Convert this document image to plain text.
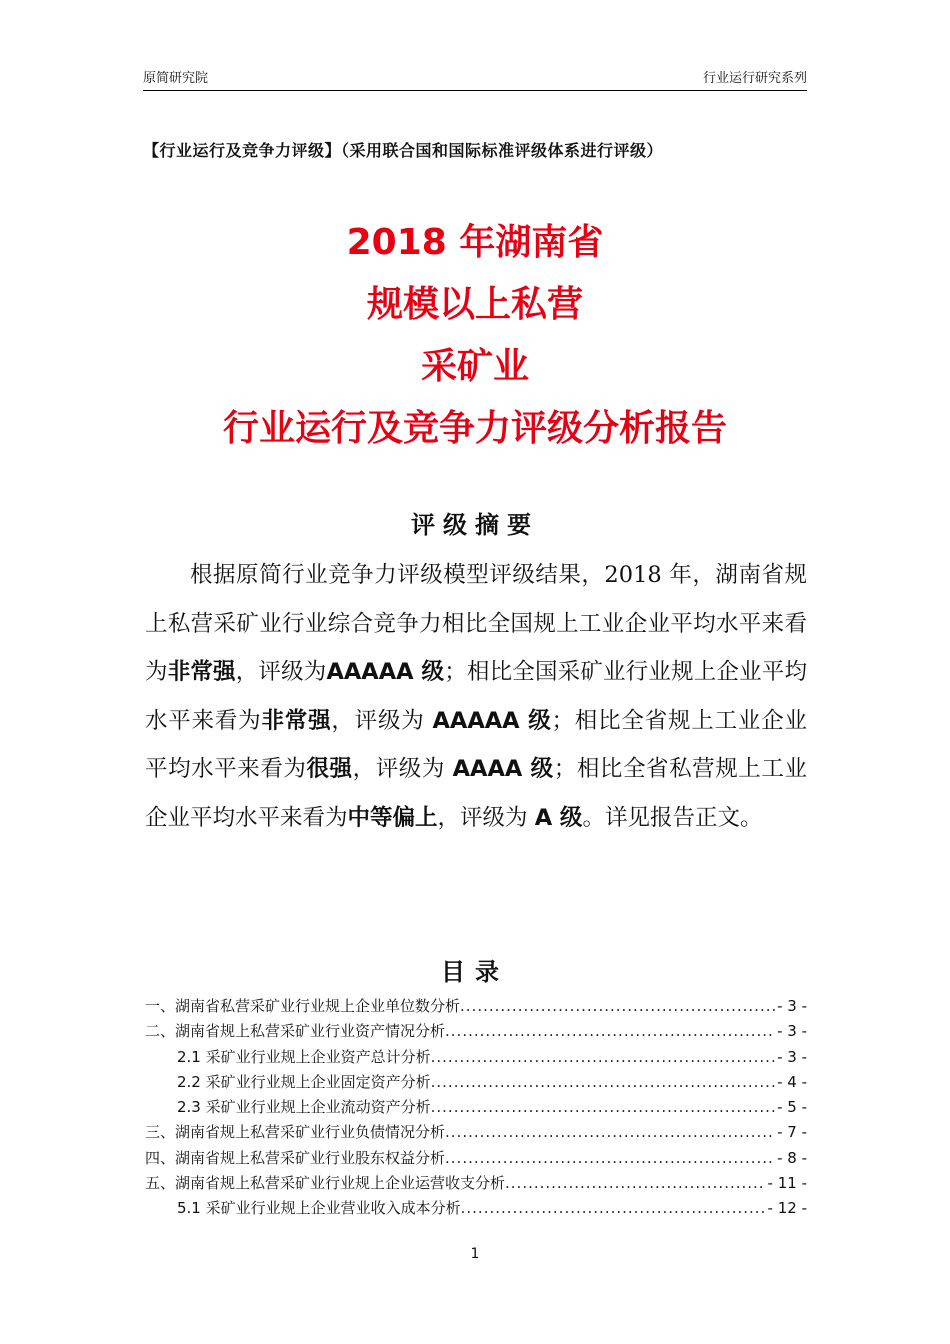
原简研究院	行业运行研究系列
【行业运行及竞争力评级】（采用联合国和国际标准评级体系进行评级）
2018 年湖南省
规模以上私营
采矿业
行业运行及竞争力评级分析报告
评级摘要

根据原简行业竞争力评级模型评级结果，2018 年，湖南省规上私营采矿业行业综合竞争力相比全国规上工业企业平均水平来看为非常强，评级为AAAAA 级；相比全国采矿业行业规上企业平均水平来看为非常强，评级为 AAAAA 级；相比全省规上工业企业平均水平来看为很强，评级为 AAAA 级；相比全省私营规上工业企业平均水平来看为中等偏上，评级为 A 级。详见报告正文。

目录
一、湖南省私营采矿业行业规上企业单位数分析 .....	- 3 -
二、湖南省规上私营采矿业行业资产情况分析 .....	- 3 -
2.1 采矿业行业规上企业资产总计分析 .....	- 3 -
2.2 采矿业行业规上企业固定资产分析 .....	- 4 -
2.3 采矿业行业规上企业流动资产分析 .....	- 5 -
三、湖南省规上私营采矿业行业负债情况分析 .....	- 7 -
四、湖南省规上私营采矿业行业股东权益分析 .....	- 8 -
五、湖南省规上私营采矿业行业规上企业运营收支分析 .....	- 11 -
5.1 采矿业行业规上企业营业收入成本分析 .....	- 12 -
1
